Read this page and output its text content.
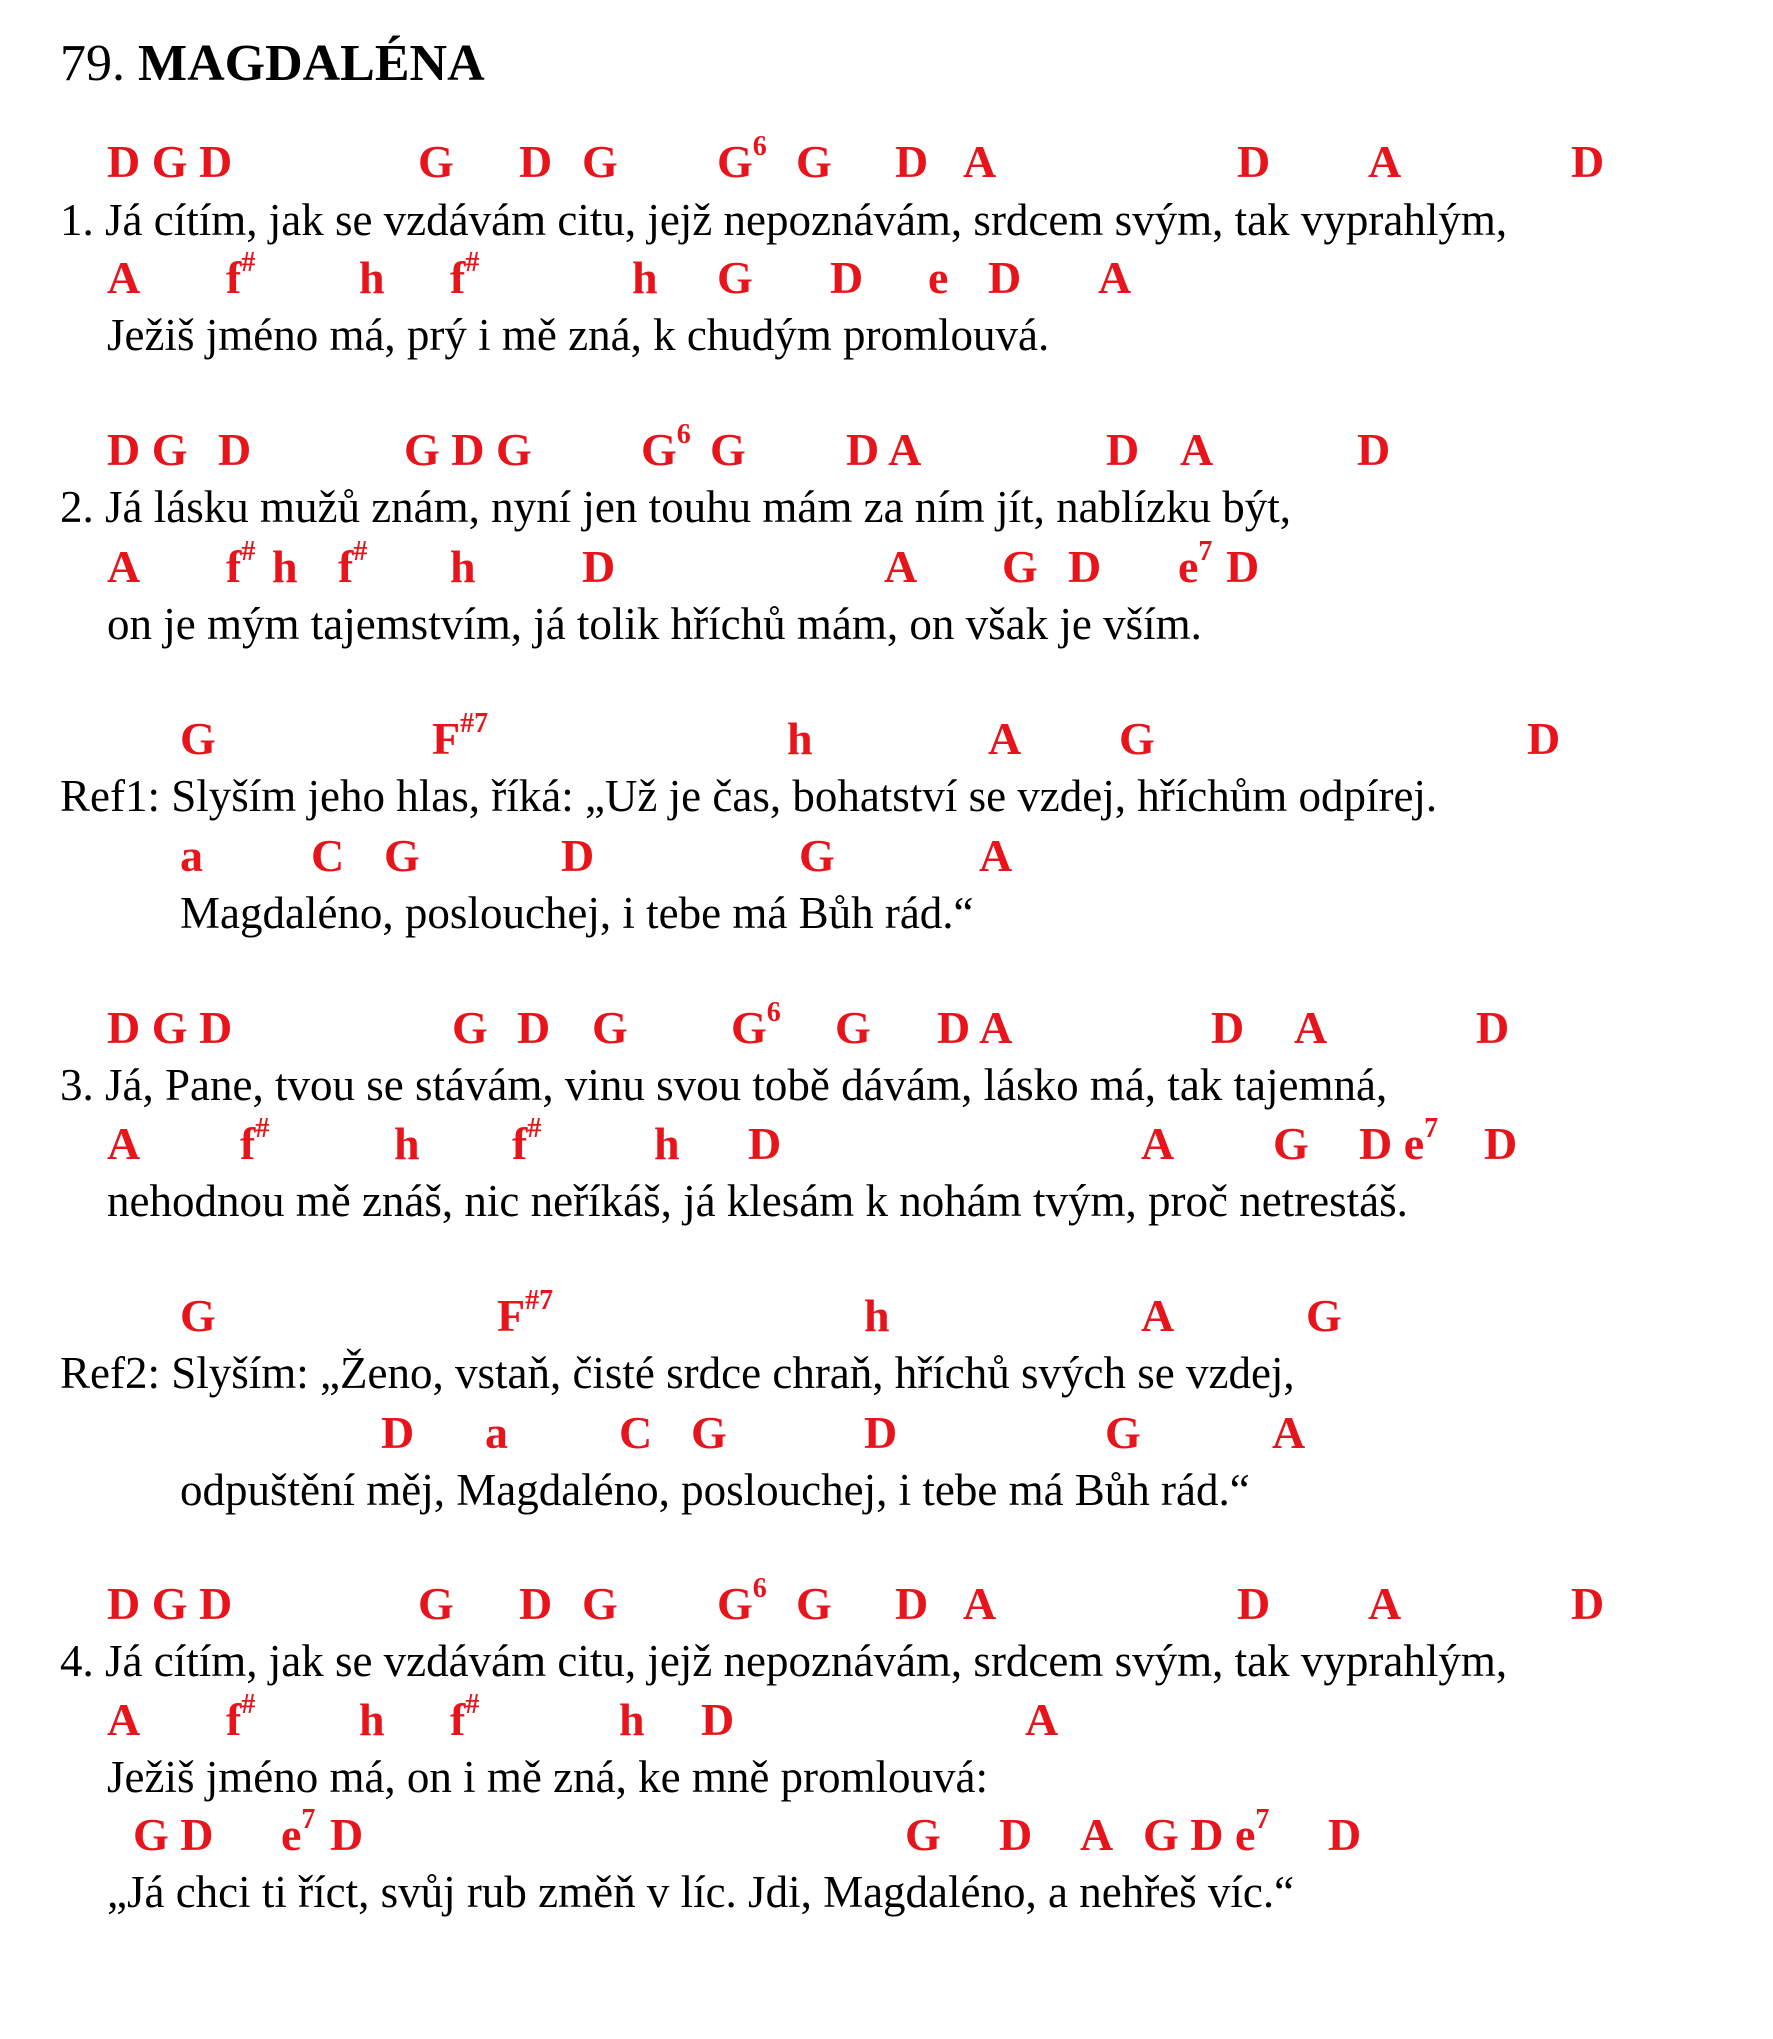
79. MAGDALÉNA
D G D	G D G $G^6$ G D A	D A	D
A f# h f#	h G D e D A
D G D	G D G $G^6$ G D A	D A	D
A f# h f# h D	A G D $e^7$ D
G	$F^{\#7}$	h	A G	D
a C G	D	G	A
D G D	G D G $G^6$ G D A	D A	D
A f#	h f# h D	A G D $e^7$ D
G	$F^{\#7}$	h	A	G
D a C G	D	G	A
D G D	G D G $G^6$ G D A	D A	D
A f# h f#	h D	A
G D $e^7$ D	G D A G D $e^7$ D
1. Já cítím, jak se vzdávám citu, jejž nepoznávám, srdcem svým, tak vyprahlým,
Ježiš jméno má, prý i mě zná, k chudým promlouvá.
2. Já lásku mužů znám, nyní jen touhu mám za ním jít, nablízku být,
on je mým tajemstvím, já tolik hříchů mám, on však je vším.
Ref1: Slyším jeho hlas, říká: „Už je čas, bohatství se vzdej, hříchům odpírej.
Magdaléno, poslouchej, i tebe má Bůh rád.“
3. Já, Pane, tvou se stávám, vinu svou tobě dávám, lásko má, tak tajemná,
nehodnou mě znáš, nic neříkáš, já klesám k nohám tvým, proč netrestáš.
Ref2: Slyším: „Ženo, vstaň, čisté srdce chraň, hříchů svých se vzdej,
odpuštění měj, Magdaléno, poslouchej, i tebe má Bůh rád.“
4. Já cítím, jak se vzdávám citu, jejž nepoznávám, srdcem svým, tak vyprahlým,
Ježiš jméno má, on i mě zná, ke mně promlouvá:
„Já chci ti říct, svůj rub změň v líc. Jdi, Magdaléno, a nehřeš víc.“
